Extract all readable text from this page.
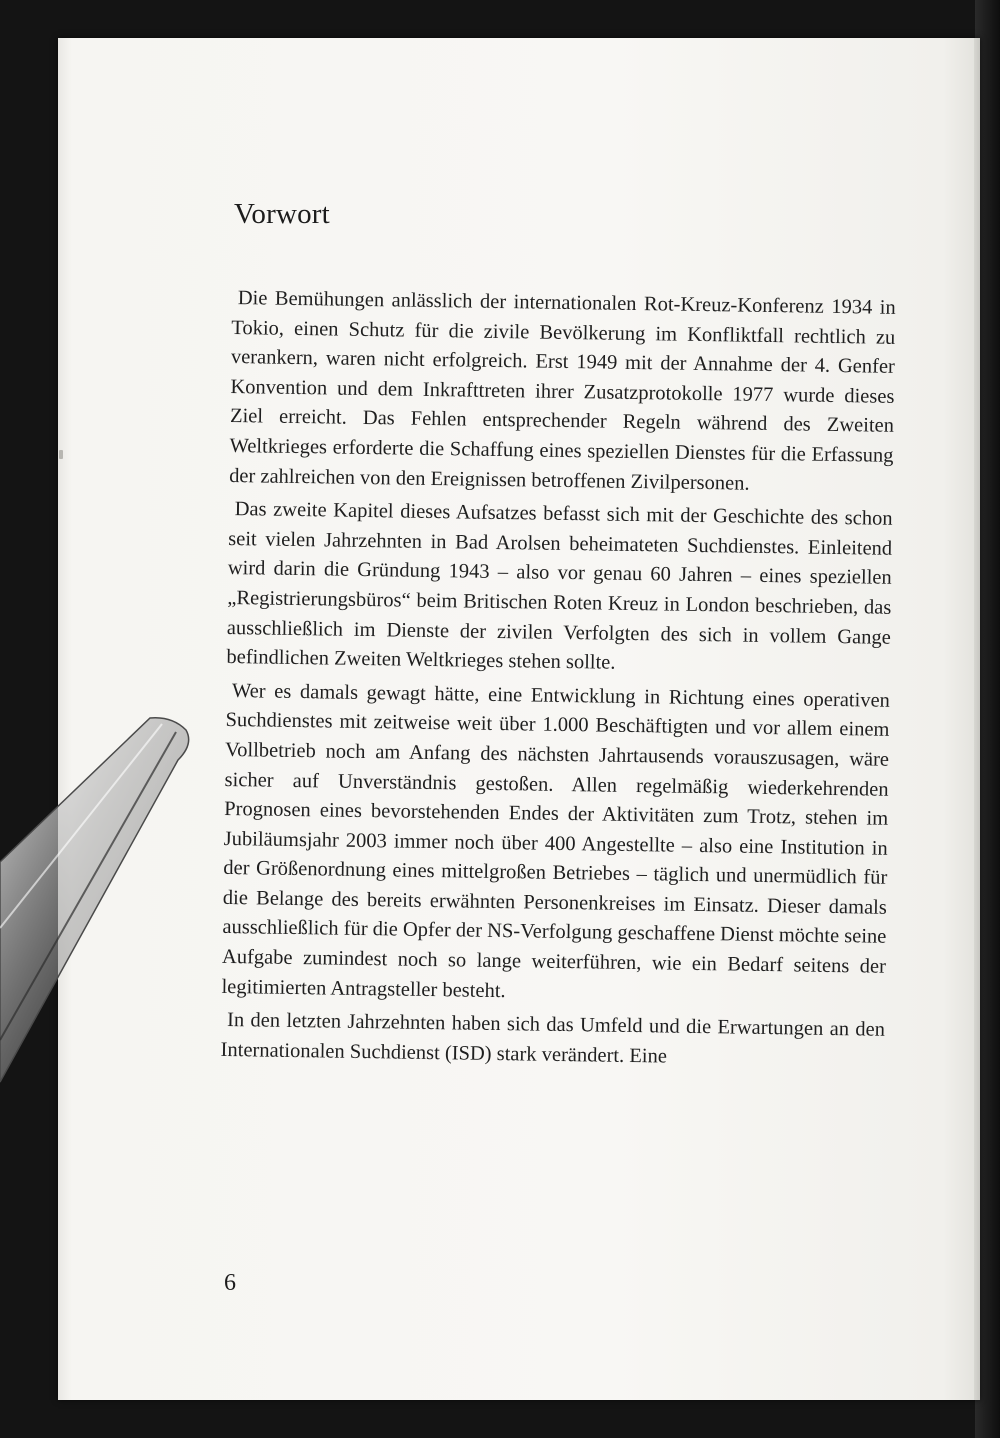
Vorwort

Die Bemühungen anlässlich der internationalen Rot-Kreuz-Konferenz 1934 in Tokio, einen Schutz für die zivile Bevölkerung im Konfliktfall rechtlich zu verankern, waren nicht erfolgreich. Erst 1949 mit der Annahme der 4. Genfer Konvention und dem Inkrafttreten ihrer Zusatzprotokolle 1977 wurde dieses Ziel erreicht. Das Fehlen entsprechender Regeln während des Zweiten Weltkrieges erforderte die Schaffung eines speziellen Dienstes für die Erfassung der zahlreichen von den Ereignissen betroffenen Zivilpersonen.

Das zweite Kapitel dieses Aufsatzes befasst sich mit der Geschichte des schon seit vielen Jahrzehnten in Bad Arolsen beheimateten Suchdienstes. Einleitend wird darin die Gründung 1943 – also vor genau 60 Jahren – eines speziellen „Registrierungsbüros“ beim Britischen Roten Kreuz in London beschrieben, das ausschließlich im Dienste der zivilen Verfolgten des sich in vollem Gange befindlichen Zweiten Weltkrieges stehen sollte.

Wer es damals gewagt hätte, eine Entwicklung in Richtung eines operativen Suchdienstes mit zeitweise weit über 1.000 Beschäftigten und vor allem einem Vollbetrieb noch am Anfang des nächsten Jahrtausends vorauszusagen, wäre sicher auf Unverständnis gestoßen. Allen regelmäßig wiederkehrenden Prognosen eines bevorstehenden Endes der Aktivitäten zum Trotz, stehen im Jubiläumsjahr 2003 immer noch über 400 Angestellte – also eine Institution in der Größenordnung eines mittelgroßen Betriebes – täglich und unermüdlich für die Belange des bereits erwähnten Personenkreises im Einsatz. Dieser damals ausschließlich für die Opfer der NS-Verfolgung geschaffene Dienst möchte seine Aufgabe zumindest noch so lange weiterführen, wie ein Bedarf seitens der legitimierten Antragsteller besteht.

In den letzten Jahrzehnten haben sich das Umfeld und die Erwartungen an den Internationalen Suchdienst (ISD) stark verändert. Eine

6
